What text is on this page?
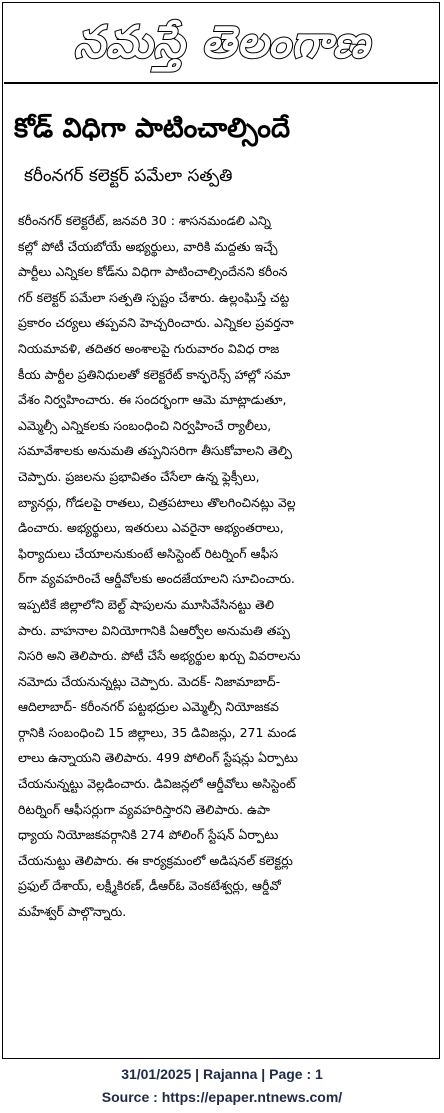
నమస్తే తెలంగాణ
కోడ్‌ విధిగా పాటించాల్సిందే
కరీంనగర్‌ కలెక్టర్‌ పమేలా సత్పతి
కరీంనగర్‌ కలెక్టరేట్‌, జనవరి 30 : శాసనమండలి ఎన్ని
కల్లో పోటీ చేయబోయే అభ్యర్థులు, వారికి మద్దతు ఇచ్చే
పార్టీలు ఎన్నికల కోడ్‌ను విధిగా పాటించాల్సిందేనని కరీంన
గర్‌ కలెక్టర్‌ పమేలా సత్పతి స్పష్టం చేశారు. ఉల్లంఘిస్తే చట్ట
ప్రకారం చర్యలు తప్పవని హెచ్చరించారు. ఎన్నికల ప్రవర్తనా
నియమావళి, తదితర అంశాలపై గురువారం వివిధ రాజ
కీయ పార్టీల ప్రతినిధులతో కలెక్టరేట్‌ కాన్ఫరెన్స్‌ హాల్లో సమా
వేశం నిర్వహించారు. ఈ సందర్భంగా ఆమె మాట్లాడుతూ,
ఎమ్మెల్సీ ఎన్నికలకు సంబంధించి నిర్వహించే ర్యాలీలు,
సమావేశాలకు అనుమతి తప్పనిసరిగా తీసుకోవాలని తెల్పి
చెప్పారు. ప్రజలను ప్రభావితం చేసేలా ఉన్న ఫ్లెక్సీలు,
బ్యానర్లు, గోడలపై రాతలు, చిత్రపటాలు తొలగించినట్లు వెల్ల
డించారు. అభ్యర్థులు, ఇతరులు ఎవరైనా అభ్యంతరాలు,
ఫిర్యాదులు చేయాలనుకుంటే అసిస్టెంట్‌ రిటర్నింగ్‌ ఆఫీస
ర్‌గా వ్యవహరించే ఆర్డీవోలకు అందజేయాలని సూచించారు.
ఇప్పటికే జిల్లాలోని బెల్ట్‌ షాపులను మూసివేసినట్టు తెలి
పారు. వాహనాల వినియోగానికి ఏఆర్వోల అనుమతి తప్ప
నిసరి అని తెలిపారు. పోటీ చేసే అభ్యర్థుల ఖర్చు వివరాలను
నమోదు చేయనున్నట్లు చెప్పారు. మెదక్‌- నిజామాబాద్‌-
ఆదిలాబాద్‌- కరీంనగర్‌ పట్టభద్రుల ఎమ్మెల్సీ నియోజకవ
ర్గానికి సంబంధించి 15 జిల్లాలు, 35 డివిజన్లు, 271 మండ
లాలు ఉన్నాయని తెలిపారు. 499 పోలింగ్‌ స్టేషన్లు ఏర్పాటు
చేయనున్నట్టు వెల్లడించారు. డివిజన్లలో ఆర్డీవోలు అసిస్టెంట్‌
రిటర్నింగ్‌ ఆఫీసర్లుగా వ్యవహరిస్తారని తెలిపారు. ఉపా
ధ్యాయ నియోజకవర్గానికి 274 పోలింగ్‌ స్టేషన్‌ ఏర్పాటు
చేయనుట్టు తెలిపారు. ఈ కార్యక్రమంలో అడిషనల్‌ కలెక్టర్లు
ప్రఫుల్‌ దేశాయ్‌, లక్ష్మీకిరణ్‌, డీఆర్‌ఓ వెంకటేశ్వర్లు, ఆర్డీవో
మహేశ్వర్‌ పాల్గొన్నారు.
31/01/2025 | Rajanna | Page : 1
Source : https://epaper.ntnews.com/
